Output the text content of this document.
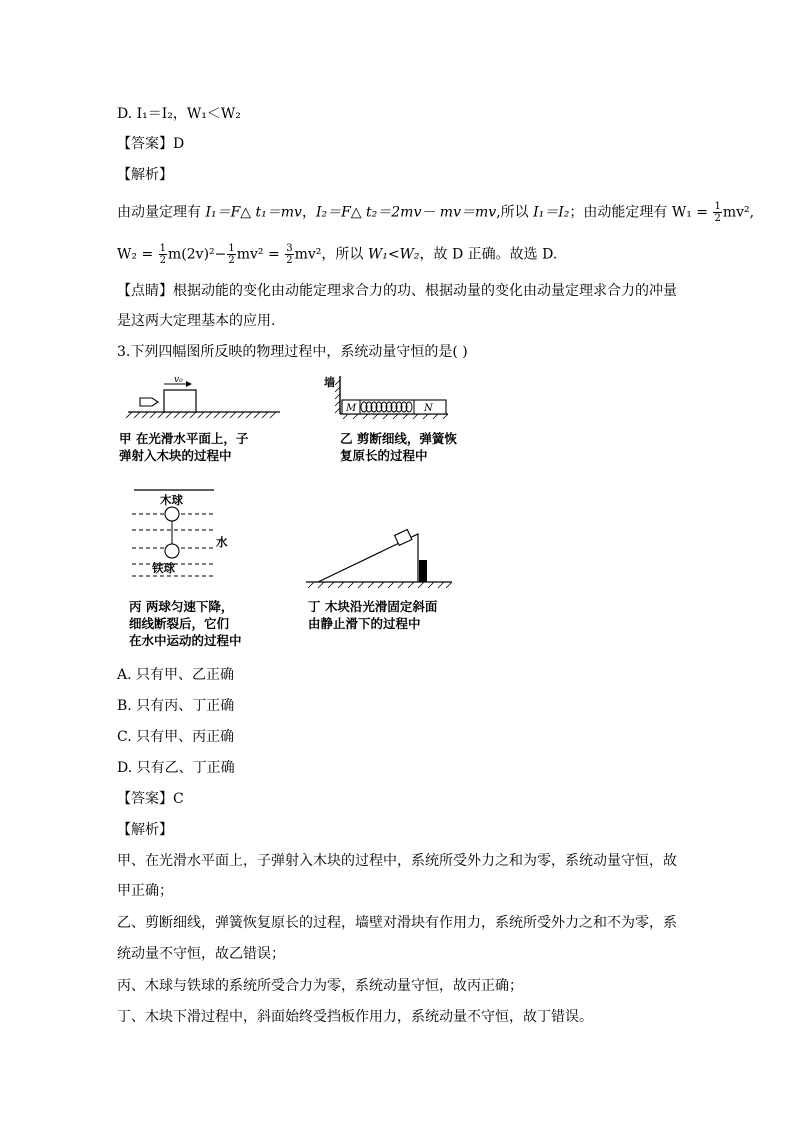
D. I₁＝I₂，W₁＜W₂
【答案】D
【解析】
由动量定理有 I₁＝F△ t₁＝mv，I₂＝F△ t₂＝2mv－ mv＝mv,所以 I₁＝I₂；由动能定理有 $W_1 = \frac{1}{2} mv^2$,
$W_2 = \frac{1}{2} m(2v)^2- \frac{1}{2} mv^2 = \frac{3}{2} mv^2$，所以 W₁<W₂，故 D 正确。故选 D.
【点睛】根据动能的变化由动能定理求合力的功、根据动量的变化由动量定理求合力的冲量
是这两大定理基本的应用.
3.下列四幅图所反映的物理过程中，系统动量守恒的是( )
v₀
甲 在光滑水平面上，子
弹射入木块的过程中
墙
M	N
乙 剪断细线，弹簧恢
复原长的过程中
木球
水
铁球
丙 两球匀速下降，
细线断裂后，它们
在水中运动的过程中
丁 木块沿光滑固定斜面
由静止滑下的过程中
A. 只有甲、乙正确
B. 只有丙、丁正确
C. 只有甲、丙正确
D. 只有乙、丁正确
【答案】C
【解析】
甲、在光滑水平面上，子弹射入木块的过程中，系统所受外力之和为零，系统动量守恒，故
甲正确；
乙、剪断细线，弹簧恢复原长的过程，墙壁对滑块有作用力，系统所受外力之和不为零，系
统动量不守恒，故乙错误；
丙、木球与铁球的系统所受合力为零，系统动量守恒，故丙正确；
丁、木块下滑过程中，斜面始终受挡板作用力，系统动量不守恒，故丁错误。
